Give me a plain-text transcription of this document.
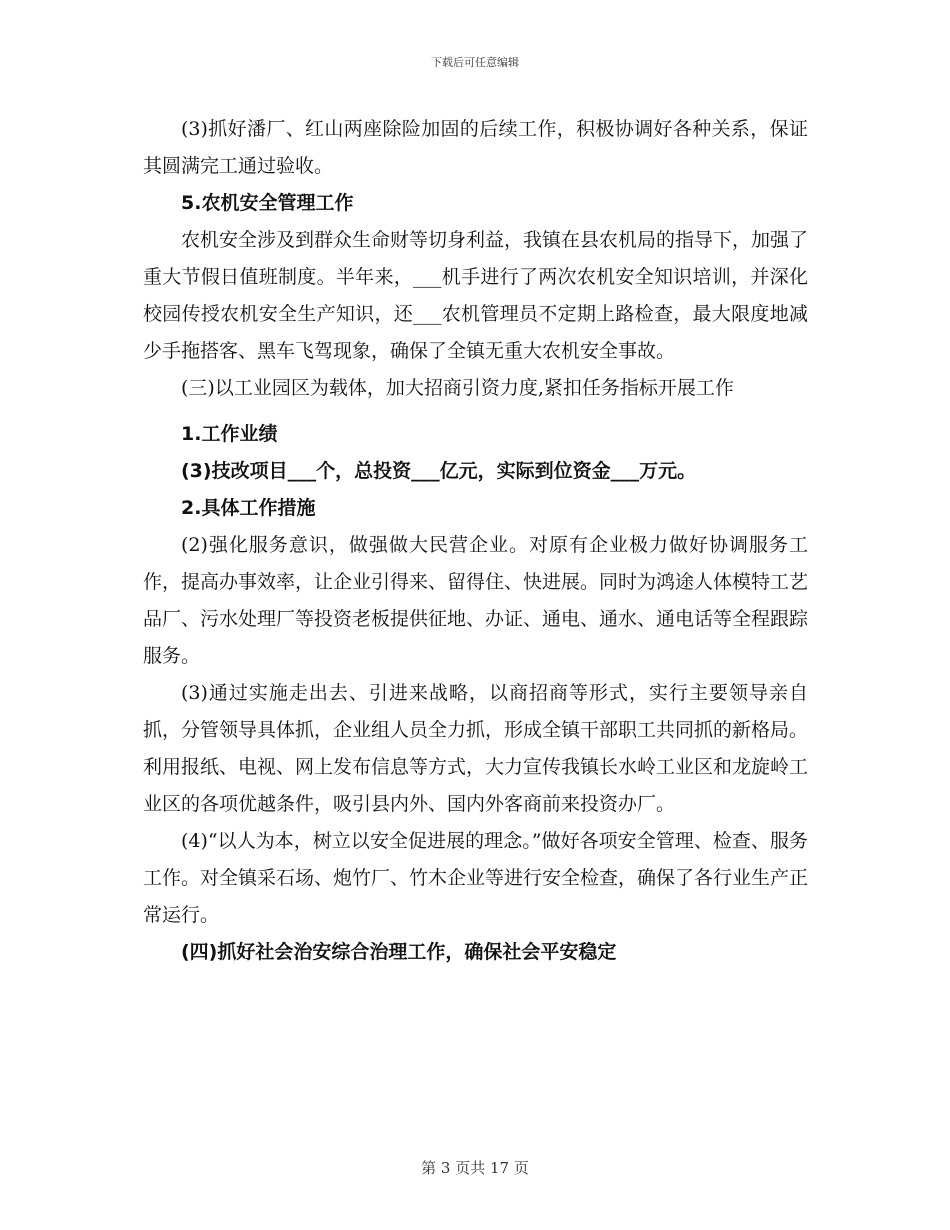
下载后可任意编辑

(3)抓好潘厂、红山两座除险加固的后续工作，积极协调好各种关系，保证其圆满完工通过验收。

5.农机安全管理工作

农机安全涉及到群众生命财等切身利益，我镇在县农机局的指导下，加强了重大节假日值班制度。半年来，___机手进行了两次农机安全知识培训，并深化校园传授农机安全生产知识，还___农机管理员不定期上路检查，最大限度地减少手拖搭客、黑车飞驾现象，确保了全镇无重大农机安全事故。

(三)以工业园区为载体，加大招商引资力度,紧扣任务指标开展工作

1.工作业绩

(3)技改项目___个，总投资___亿元，实际到位资金___万元。

2.具体工作措施

(2)强化服务意识，做强做大民营企业。对原有企业极力做好协调服务工作，提高办事效率，让企业引得来、留得住、快进展。同时为鸿途人体模特工艺品厂、污水处理厂等投资老板提供征地、办证、通电、通水、通电话等全程跟踪服务。

(3)通过实施走出去、引进来战略，以商招商等形式，实行主要领导亲自抓，分管领导具体抓，企业组人员全力抓，形成全镇干部职工共同抓的新格局。利用报纸、电视、网上发布信息等方式，大力宣传我镇长水岭工业区和龙旋岭工业区的各项优越条件，吸引县内外、国内外客商前来投资办厂。

(4)“以人为本，树立以安全促进展的理念。”做好各项安全管理、检查、服务工作。对全镇采石场、炮竹厂、竹木企业等进行安全检查，确保了各行业生产正常运行。

(四)抓好社会治安综合治理工作，确保社会平安稳定

第 3 页共 17 页
